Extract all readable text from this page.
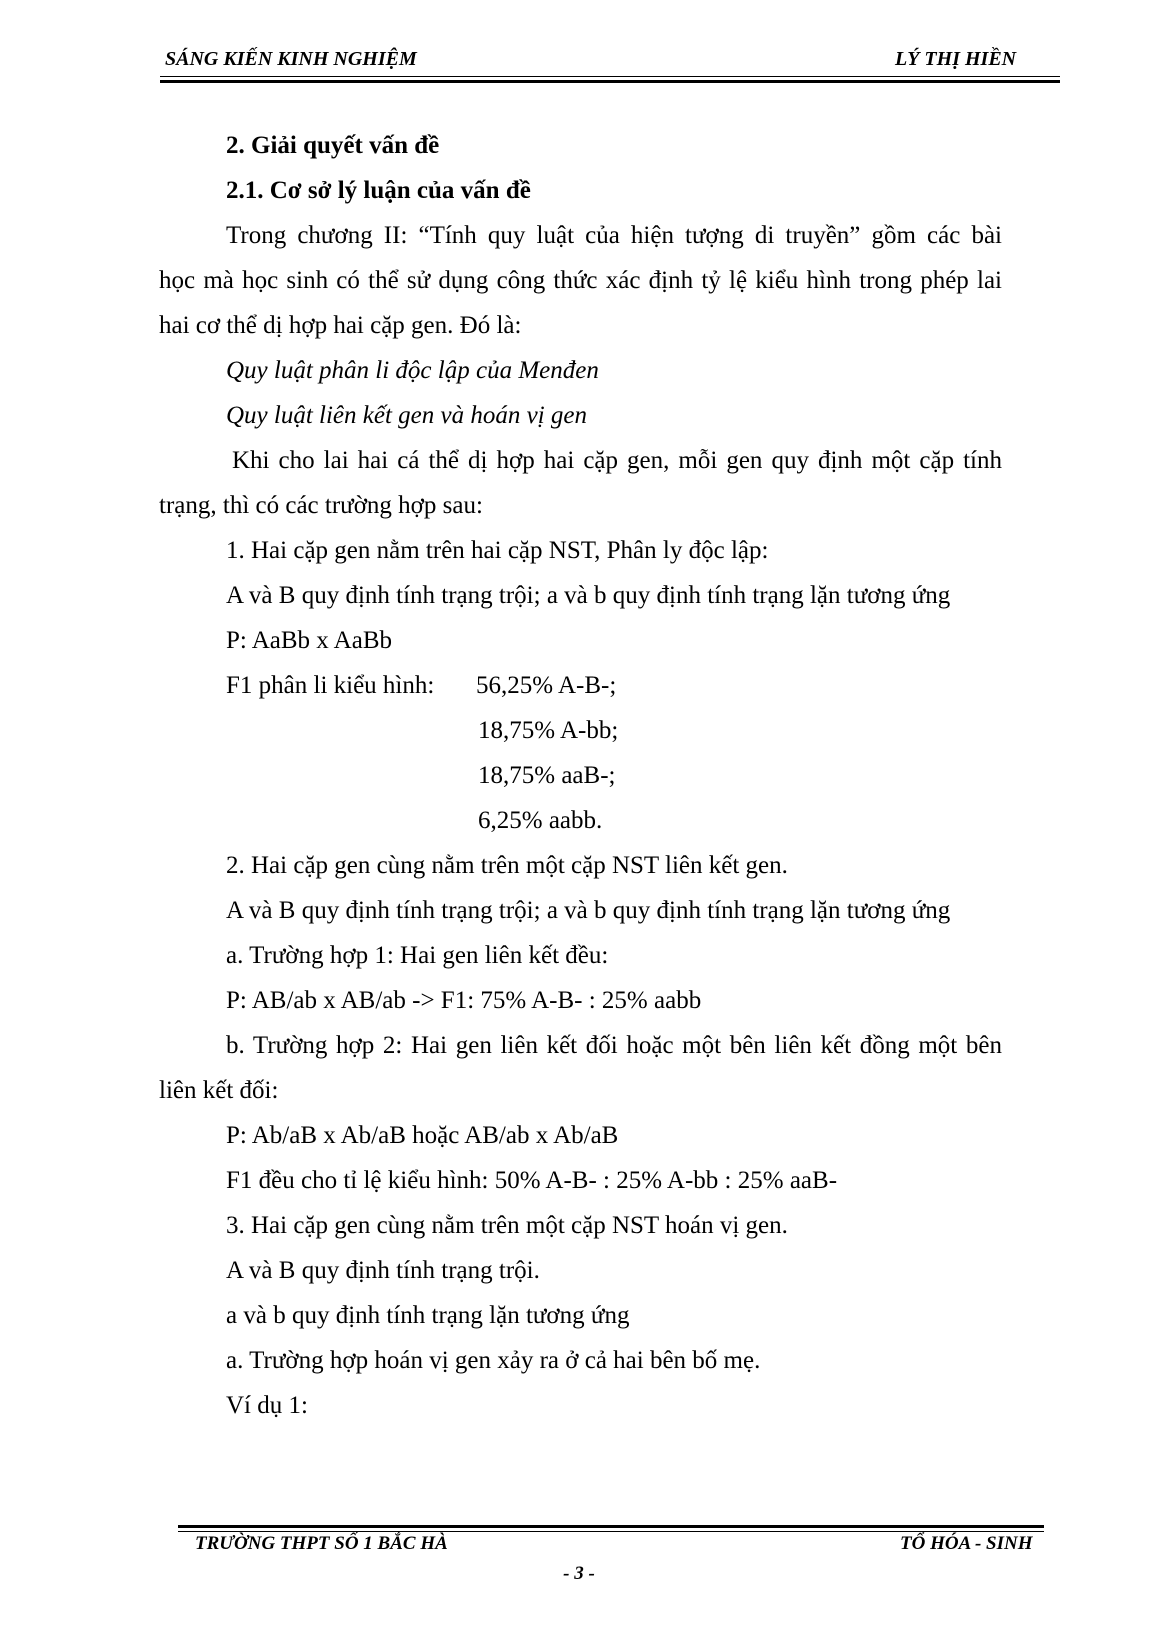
SÁNG KIẾN KINH NGHIỆM	LÝ THỊ HIỀN
2. Giải quyết vấn đề
2.1. Cơ sở lý luận của vấn đề
Trong chương II: “Tính quy luật của hiện tượng di truyền” gồm các bài
học mà học sinh có thể sử dụng công thức xác định tỷ lệ kiểu hình trong phép lai
hai cơ thể dị hợp hai cặp gen. Đó là:
Quy luật phân li độc lập của Menđen
Quy luật liên kết gen và hoán vị gen
Khi cho lai hai cá thể dị hợp hai cặp gen, mỗi gen quy định một cặp tính
trạng, thì có các trường hợp sau:
1. Hai cặp gen nằm trên hai cặp NST, Phân ly độc lập:
A và B quy định tính trạng trội; a và b quy định tính trạng lặn tương ứng
P: AaBb x AaBb
F1 phân li kiểu hình: 56,25% A-B-;
18,75% A-bb;
18,75% aaB-;
6,25% aabb.
2. Hai cặp gen cùng nằm trên một cặp NST liên kết gen.
A và B quy định tính trạng trội; a và b quy định tính trạng lặn tương ứng
a. Trường hợp 1: Hai gen liên kết đều:
P: AB/ab x AB/ab -> F1: 75% A-B- : 25% aabb
b. Trường hợp 2: Hai gen liên kết đối hoặc một bên liên kết đồng một bên
liên kết đối:
P: Ab/aB x Ab/aB hoặc AB/ab x Ab/aB
F1 đều cho tỉ lệ kiểu hình: 50% A-B- : 25% A-bb : 25% aaB-
3. Hai cặp gen cùng nằm trên một cặp NST hoán vị gen.
A và B quy định tính trạng trội.
a và b quy định tính trạng lặn tương ứng
a. Trường hợp hoán vị gen xảy ra ở cả hai bên bố mẹ.
Ví dụ 1:
TRƯỜNG THPT SỐ 1 BẮC HÀ	TỔ HÓA - SINH
- 3 -
